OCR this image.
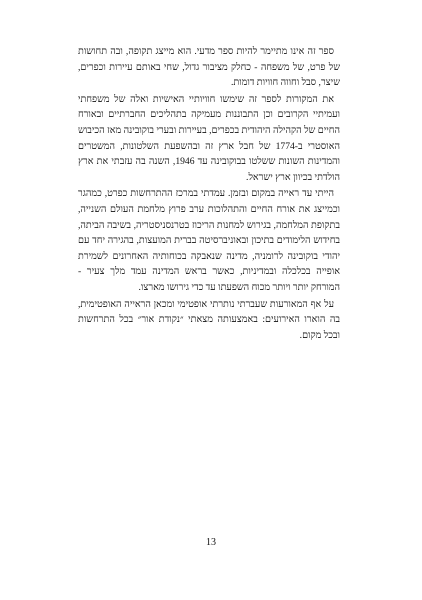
ספר זה אינו מתיימר להיות ספר מדעי. הוא מייצג תקופה, ובה תחושות של פרט, של משפחה - כחלק מציבור גדול, שחי באותם עיירות וכפרים, שיצר, סבל וחווה חוויות דומות.

את המקורות לספר זה שימשו חוויותיי האישיות ואלה של משפחתי ועמיתיי הקרובים וכן התבוננות מעמיקה בתהליכים החברתיים ובאורח החיים של הקהילה היהודית בכפרים, בעיירות ובערי בוקובינה מאז הכיבוש האוסטרי ב-1774 של חבל ארץ זה ובהשפעת השלטונות, המשטרים והמדינות השונות ששלטו בבוקובינה עד 1946, השנה בה עזבתי את ארץ הולדתי בכיוון ארץ ישראל.

הייתי עד ראייה במקום ובזמן. עמדתי במרכז ההתרחשות כפרט, כמהגר וכמייצג את אורח החיים והתהלוכות ערב פרוץ מלחמת העולם השנייה, בתקופת המלחמה, בגירוש למחנות הריכוז בטרנסניסטריה, בשיבה הביתה, בחידוש הלימודים בתיכון ובאוניברסיטה בברית המועצות, בהגירה יחד עם יהודי בוקובינה לרומניה, מדינה שנאבקה בכוחותיה האחרונים לשמירת אופייה בכלכלה ובמדיניות, כאשר בראש המדינה עמד מלך צעיר - המורחק יותר ויותר מכוח השפעתו עד כדי גירושו מארצו.

על אף המאורעות שעברתי נותרתי אופטימי ומכאן הראייה האופטימית, בה הוארו האירועים: באמצעותה מצאתי ״נקודת אור״ בכל התרחשות ובכל מקום.

13
